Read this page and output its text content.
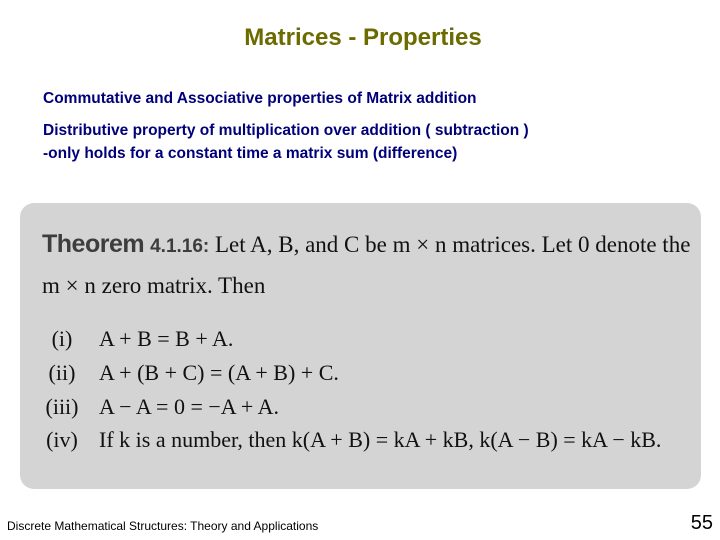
Matrices - Properties
Commutative and Associative properties of Matrix addition
Distributive property of multiplication over addition ( subtraction )
-only holds for a constant time a matrix sum (difference)
Theorem 4.1.16: Let A, B, and C be m × n matrices. Let 0 denote the
m × n zero matrix. Then
(i)	A + B = B + A.
(ii) A + (B + C) = (A + B) + C.
(iii) A − A = 0 = −A + A.
(iv) If k is a number, then k(A + B) = kA + kB, k(A − B) = kA − kB.
Discrete Mathematical Structures: Theory and Applications	55
